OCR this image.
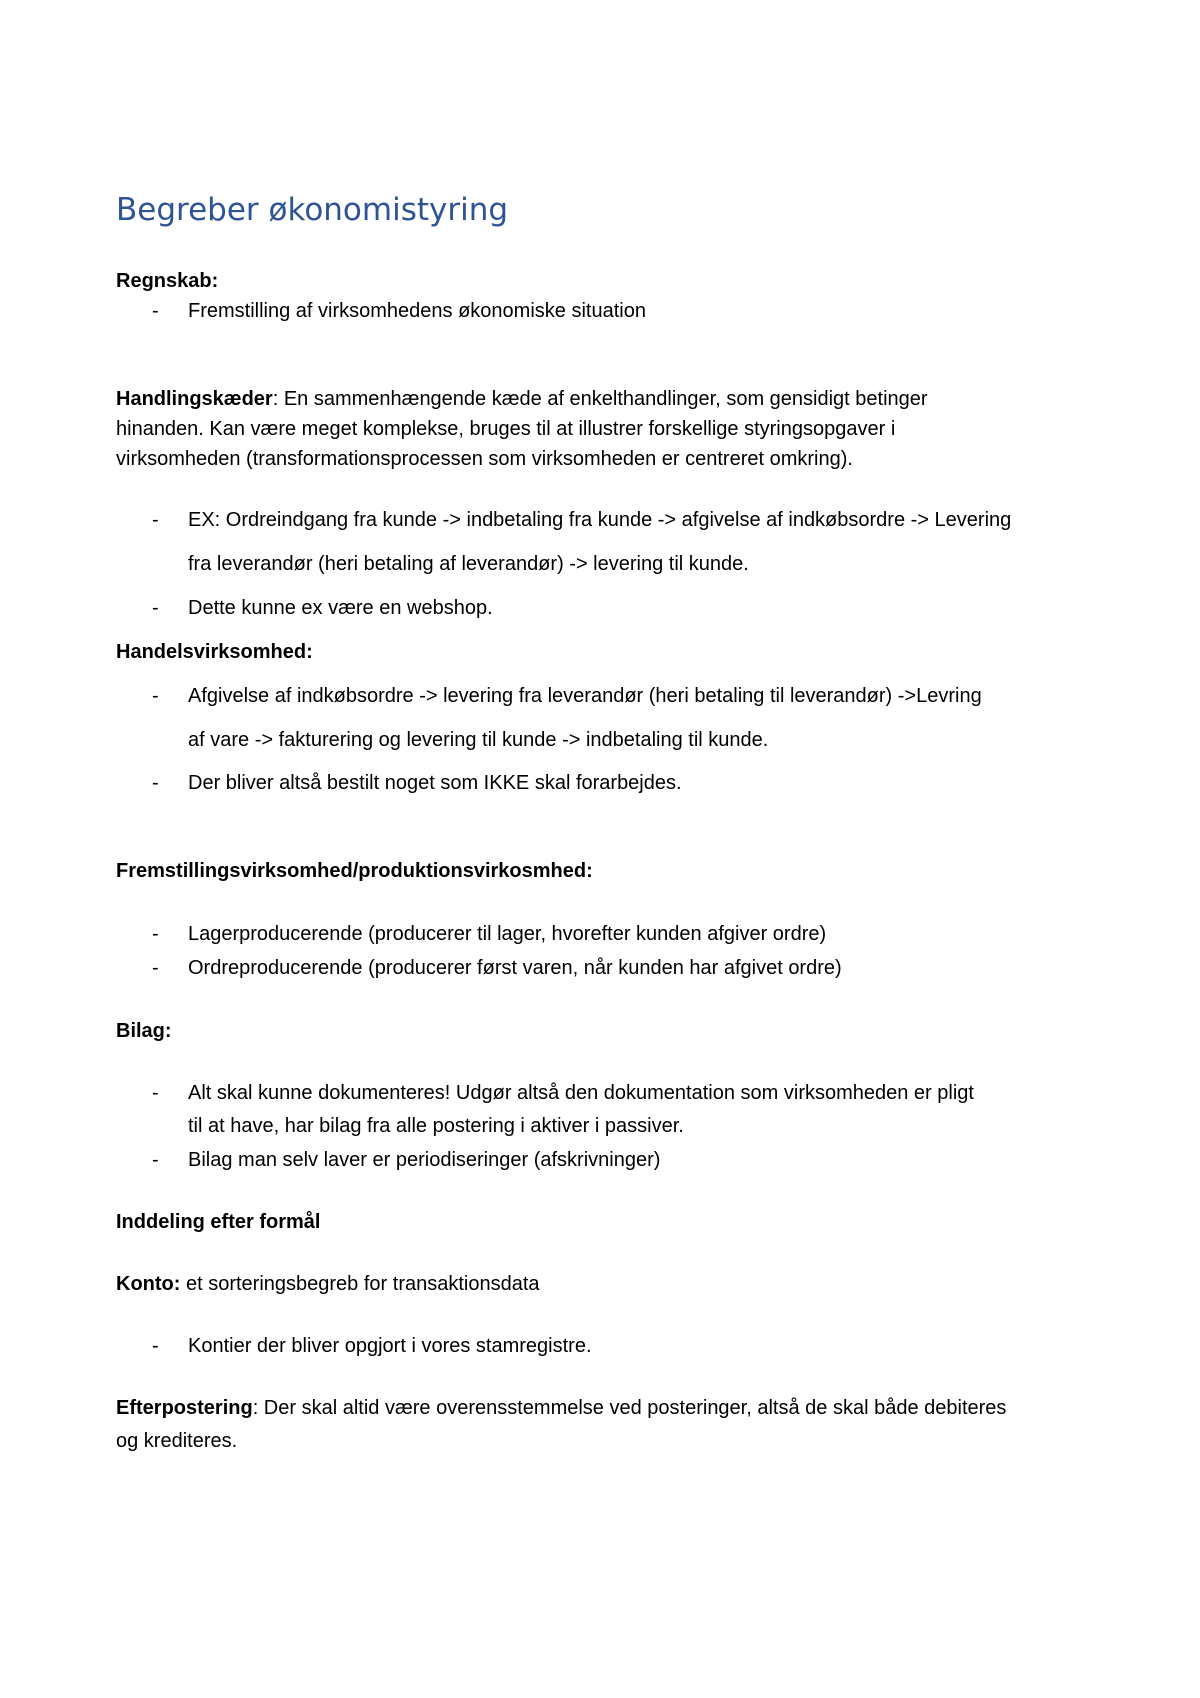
Begreber økonomistyring
Regnskab:
- Fremstilling af virksomhedens økonomiske situation
Handlingskæder: En sammenhængende kæde af enkelthandlinger, som gensidigt betinger
hinanden. Kan være meget komplekse, bruges til at illustrer forskellige styringsopgaver i
virksomheden (transformationsprocessen som virksomheden er centreret omkring).
- EX: Ordreindgang fra kunde -> indbetaling fra kunde -> afgivelse af indkøbsordre -> Levering
fra leverandør (heri betaling af leverandør) -> levering til kunde.
- Dette kunne ex være en webshop.
Handelsvirksomhed:
- Afgivelse af indkøbsordre -> levering fra leverandør (heri betaling til leverandør) ->Levring
af vare -> fakturering og levering til kunde -> indbetaling til kunde.
- Der bliver altså bestilt noget som IKKE skal forarbejdes.
Fremstillingsvirksomhed/produktionsvirkosmhed:
- Lagerproducerende (producerer til lager, hvorefter kunden afgiver ordre)
- Ordreproducerende (producerer først varen, når kunden har afgivet ordre)
Bilag:
- Alt skal kunne dokumenteres! Udgør altså den dokumentation som virksomheden er pligt
til at have, har bilag fra alle postering i aktiver i passiver.
- Bilag man selv laver er periodiseringer (afskrivninger)
Inddeling efter formål
Konto: et sorteringsbegreb for transaktionsdata
- Kontier der bliver opgjort i vores stamregistre.
Efterpostering: Der skal altid være overensstemmelse ved posteringer, altså de skal både debiteres
og krediteres.
